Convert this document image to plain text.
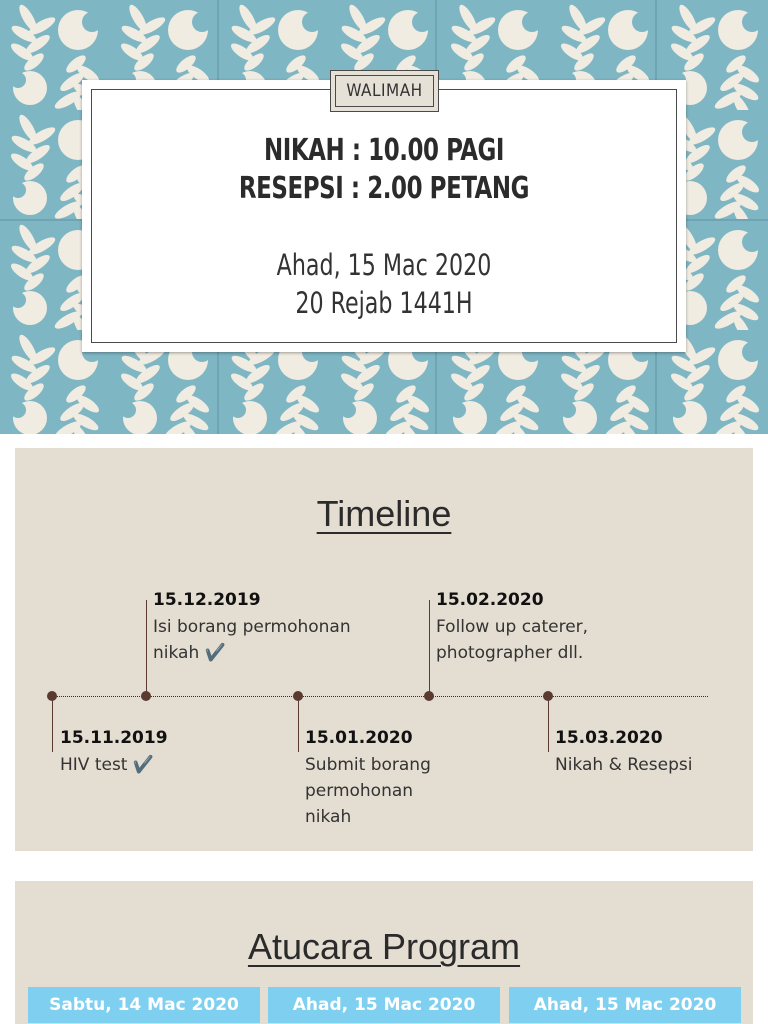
WALIMAH
NIKAH : 10.00 PAGI
RESEPSI : 2.00 PETANG
Ahad, 15 Mac 2020
20 Rejab 1441H
Timeline
15.11.2019
HIV test ✔️
15.12.2019
Isi borang permohonan
nikah ✔️
15.01.2020
Submit borang
permohonan
nikah
15.02.2020
Follow up caterer,
photographer dll.
15.03.2020
Nikah & Resepsi
Atucara Program
Sabtu, 14 Mac 2020	Ahad, 15 Mac 2020	Ahad, 15 Mac 2020
